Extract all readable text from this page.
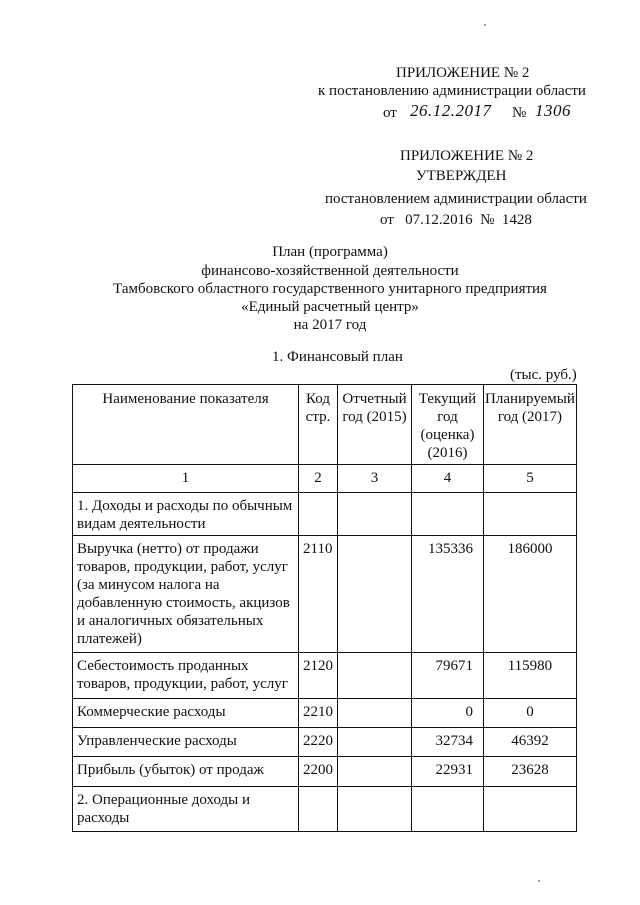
ПРИЛОЖЕНИЕ № 2
к постановлению администрации области
от 26.12.2017 № 1306
ПРИЛОЖЕНИЕ № 2
УТВЕРЖДЕН
постановлением администрации области
от   07.12.2016  №  1428
План (программа)
финансово-хозяйственной деятельности
Тамбовского областного государственного унитарного предприятия
«Единый расчетный центр»
на 2017 год
1. Финансовый план
(тыс. руб.)
Наименование показателя	Код стр.	Отчетный год (2015)	Текущий год (оценка) (2016)	Планируемый год (2017)

1	2	3	4	5

1. Доходы и расходы по обычным видам деятельности				

Выручка (нетто) от продажи товаров, продукции, работ, услуг (за минусом налога на добавленную стоимость, акцизов и аналогичных обязательных платежей)	2110		135336	186000

Себестоимость проданных товаров, продукции, работ, услуг	2120		79671	115980

Коммерческие расходы	2210		0	0

Управленческие расходы	2220		32734	46392

Прибыль (убыток) от продаж	2200		22931	23628

2. Операционные доходы и расходы				
